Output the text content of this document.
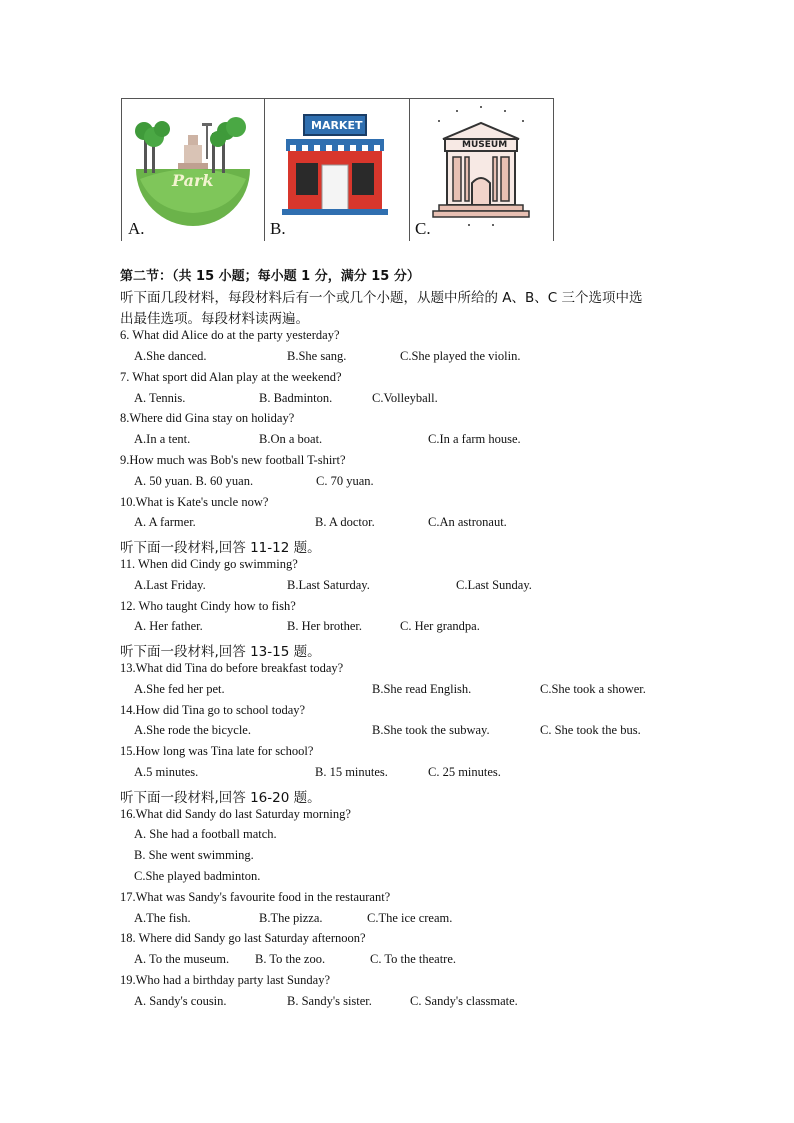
Park
A.
MARKET
B.
MUSEUM
C.
第二节：（共 15 小题；每小题 1 分，满分 15 分）
听下面几段材料，每段材料后有一个或几个小题，从题中所给的 A、B、C 三个选项中选
出最佳选项。每段材料读两遍。
6. What did Alice do at the party yesterday?
A.She danced.	B.She sang.	C.She played the violin.
7. What sport did Alan play at the weekend?
A. Tennis.	B. Badminton.	C.Volleyball.
8.Where did Gina stay on holiday?
A.In a tent.	B.On a boat.	C.In a farm house.
9.How much was Bob's new football T-shirt?
A. 50 yuan. B. 60 yuan.	C. 70 yuan.
10.What is Kate's uncle now?
A. A farmer.	B. A doctor.	C.An astronaut.
听下面一段材料,回答 11-12 题。
11. When did Cindy go swimming?
A.Last Friday.	B.Last Saturday.	C.Last Sunday.
12. Who taught Cindy how to fish?
A. Her father.	B. Her brother.	C. Her grandpa.
听下面一段材料,回答 13-15 题。
13.What did Tina do before breakfast today?
A.She fed her pet.	B.She read English.	C.She took a shower.
14.How did Tina go to school today?
A.She rode the bicycle.	B.She took the subway.	C. She took the bus.
15.How long was Tina late for school?
A.5 minutes.	B. 15 minutes.	C. 25 minutes.
听下面一段材料,回答 16-20 题。
16.What did Sandy do last Saturday morning?
A. She had a football match.
B. She went swimming.
C.She played badminton.
17.What was Sandy's favourite food in the restaurant?
A.The fish.	B.The pizza.	C.The ice cream.
18. Where did Sandy go last Saturday afternoon?
A. To the museum. B. To the zoo.	C. To the theatre.
19.Who had a birthday party last Sunday?
A. Sandy's cousin.	B. Sandy's sister.	C. Sandy's classmate.
